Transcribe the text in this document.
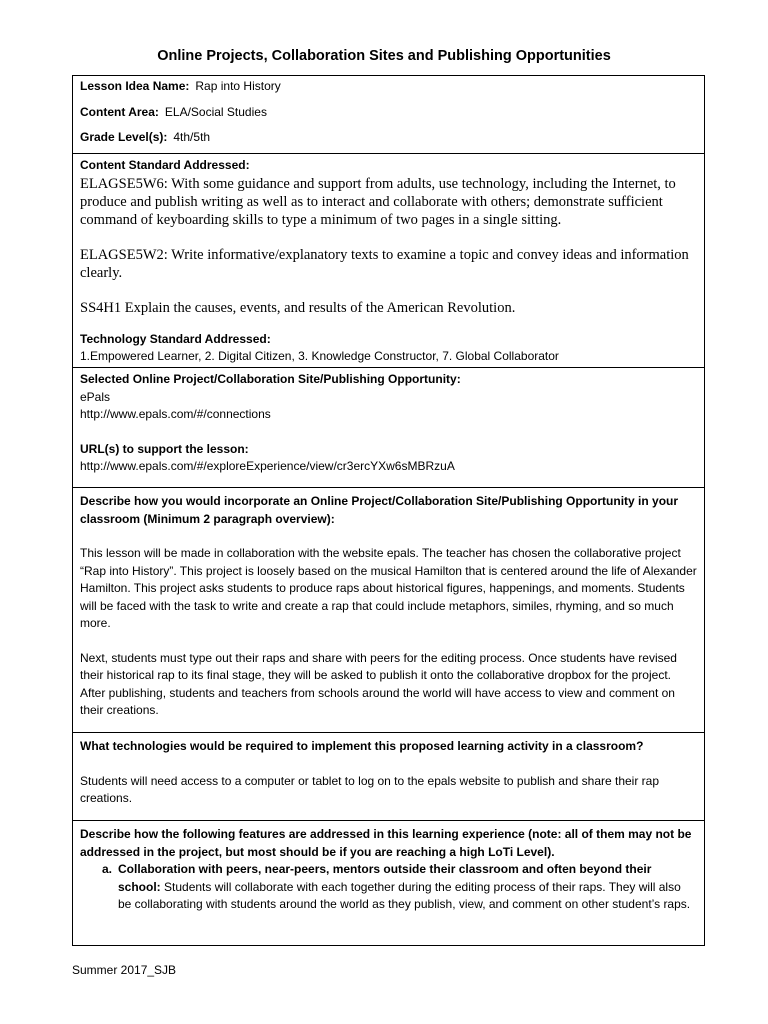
Online Projects, Collaboration Sites and Publishing Opportunities
Lesson Idea Name: Rap into History
Content Area: ELA/Social Studies
Grade Level(s): 4th/5th

Content Standard Addressed:

ELAGSE5W6: With some guidance and support from adults, use technology, including the Internet, to produce and publish writing as well as to interact and collaborate with others; demonstrate sufficient command of keyboarding skills to type a minimum of two pages in a single sitting.

ELAGSE5W2: Write informative/explanatory texts to examine a topic and convey ideas and information clearly.

SS4H1 Explain the causes, events, and results of the American Revolution.

Technology Standard Addressed:

1.Empowered Learner, 2. Digital Citizen, 3. Knowledge Constructor, 7. Global Collaborator

Selected Online Project/Collaboration Site/Publishing Opportunity:

ePals

http://www.epals.com/#/connections

URL(s) to support the lesson:

http://www.epals.com/#/exploreExperience/view/cr3ercYXw6sMBRzuA

Describe how you would incorporate an Online Project/Collaboration Site/Publishing Opportunity in your classroom (Minimum 2 paragraph overview):

This lesson will be made in collaboration with the website epals. The teacher has chosen the collaborative project “Rap into History”. This project is loosely based on the musical Hamilton that is centered around the life of Alexander Hamilton. This project asks students to produce raps about historical figures, happenings, and moments. Students will be faced with the task to write and create a rap that could include metaphors, similes, rhyming, and so much more.

Next, students must type out their raps and share with peers for the editing process. Once students have revised their historical rap to its final stage, they will be asked to publish it onto the collaborative dropbox for the project. After publishing, students and teachers from schools around the world will have access to view and comment on their creations.

What technologies would be required to implement this proposed learning activity in a classroom?

Students will need access to a computer or tablet to log on to the epals website to publish and share their rap creations.

Describe how the following features are addressed in this learning experience (note: all of them may not be addressed in the project, but most should be if you are reaching a high LoTi Level).

a. Collaboration with peers, near-peers, mentors outside their classroom and often beyond their school: Students will collaborate with each together during the editing process of their raps. They will also be collaborating with students around the world as they publish, view, and comment on other student’s raps.
Summer 2017_SJB
